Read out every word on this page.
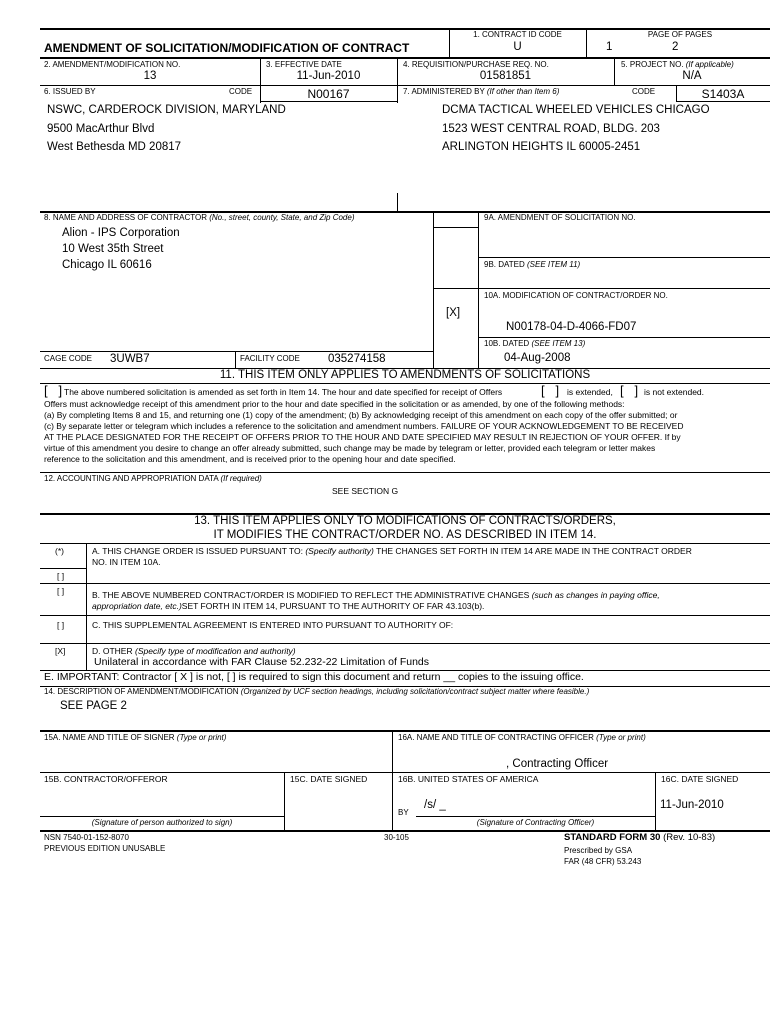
AMENDMENT OF SOLICITATION/MODIFICATION OF CONTRACT
1. CONTRACT ID CODE
U
PAGE OF PAGES
1	2
2. AMENDMENT/MODIFICATION NO.
13
3. EFFECTIVE DATE
11-Jun-2010
4. REQUISITION/PURCHASE REQ. NO.
01581851
5. PROJECT NO. (If applicable)
N/A
6. ISSUED BY	CODE	N00167	7. ADMINISTERED BY (If other than Item 6)	CODE	S1403A
NSWC, CARDEROCK DIVISION, MARYLAND
9500 MacArthur Blvd
West Bethesda MD 20817
DCMA TACTICAL WHEELED VEHICLES CHICAGO
1523 WEST CENTRAL ROAD, BLDG. 203
ARLINGTON HEIGHTS IL 60005-2451
8. NAME AND ADDRESS OF CONTRACTOR (No., street, county, State, and Zip Code)
Alion - IPS Corporation
10 West 35th Street
Chicago IL 60616
9A. AMENDMENT OF SOLICITATION NO.
9B. DATED (SEE ITEM 11)
10A. MODIFICATION OF CONTRACT/ORDER NO.
[X]
N00178-04-D-4066-FD07
10B. DATED (SEE ITEM 13)
04-Aug-2008
CAGE CODE 3UWB7	FACILITY CODE 035274158
11. THIS ITEM ONLY APPLIES TO AMENDMENTS OF SOLICITATIONS
[   ] The above numbered solicitation is amended as set forth in Item 14. The hour and date specified for receipt of Offers	[   ] is extended, [   ] is not extended.
Offers must acknowledge receipt of this amendment prior to the hour and date specified in the solicitation or as amended, by one of the following methods:
(a) By completing Items 8 and 15, and returning one (1) copy of the amendment; (b) By acknowledging receipt of this amendment on each copy of the offer submitted; or
(c) By separate letter or telegram which includes a reference to the solicitation and amendment numbers. FAILURE OF YOUR ACKNOWLEDGEMENT TO BE RECEIVED
AT THE PLACE DESIGNATED FOR THE RECEIPT OF OFFERS PRIOR TO THE HOUR AND DATE SPECIFIED MAY RESULT IN REJECTION OF YOUR OFFER. If by
virtue of this amendment you desire to change an offer already submitted, such change may be made by telegram or letter, provided each telegram or letter makes
reference to the solicitation and this amendment, and is received prior to the opening hour and date specified.
12. ACCOUNTING AND APPROPRIATION DATA (If required)
SEE SECTION G
13. THIS ITEM APPLIES ONLY TO MODIFICATIONS OF CONTRACTS/ORDERS,
IT MODIFIES THE CONTRACT/ORDER NO. AS DESCRIBED IN ITEM 14.
(*)	A. THIS CHANGE ORDER IS ISSUED PURSUANT TO: (Specify authority) THE CHANGES SET FORTH IN ITEM 14 ARE MADE IN THE CONTRACT ORDER
NO. IN ITEM 10A.
[ ]
[ ]	B. THE ABOVE NUMBERED CONTRACT/ORDER IS MODIFIED TO REFLECT THE ADMINISTRATIVE CHANGES (such as changes in paying office,
appropriation date, etc.)SET FORTH IN ITEM 14, PURSUANT TO THE AUTHORITY OF FAR 43.103(b).
[ ]	C. THIS SUPPLEMENTAL AGREEMENT IS ENTERED INTO PURSUANT TO AUTHORITY OF:
[X]	D. OTHER (Specify type of modification and authority)
Unilateral in accordance with FAR Clause 52.232-22 Limitation of Funds
E. IMPORTANT: Contractor [ X ] is not, [ ] is required to sign this document and return __ copies to the issuing office.
14. DESCRIPTION OF AMENDMENT/MODIFICATION (Organized by UCF section headings, including solicitation/contract subject matter where feasible.)
SEE PAGE 2
15A. NAME AND TITLE OF SIGNER (Type or print)	16A. NAME AND TITLE OF CONTRACTING OFFICER (Type or print)
, Contracting Officer
15B. CONTRACTOR/OFFEROR	15C. DATE SIGNED	16B. UNITED STATES OF AMERICA	16C. DATE SIGNED
BY
/s/ _	11-Jun-2010
(Signature of person authorized to sign)	(Signature of Contracting Officer)
NSN 7540-01-152-8070
PREVIOUS EDITION UNUSABLE
30-105	STANDARD FORM 30 (Rev. 10-83)
Prescribed by GSA
FAR (48 CFR) 53.243
